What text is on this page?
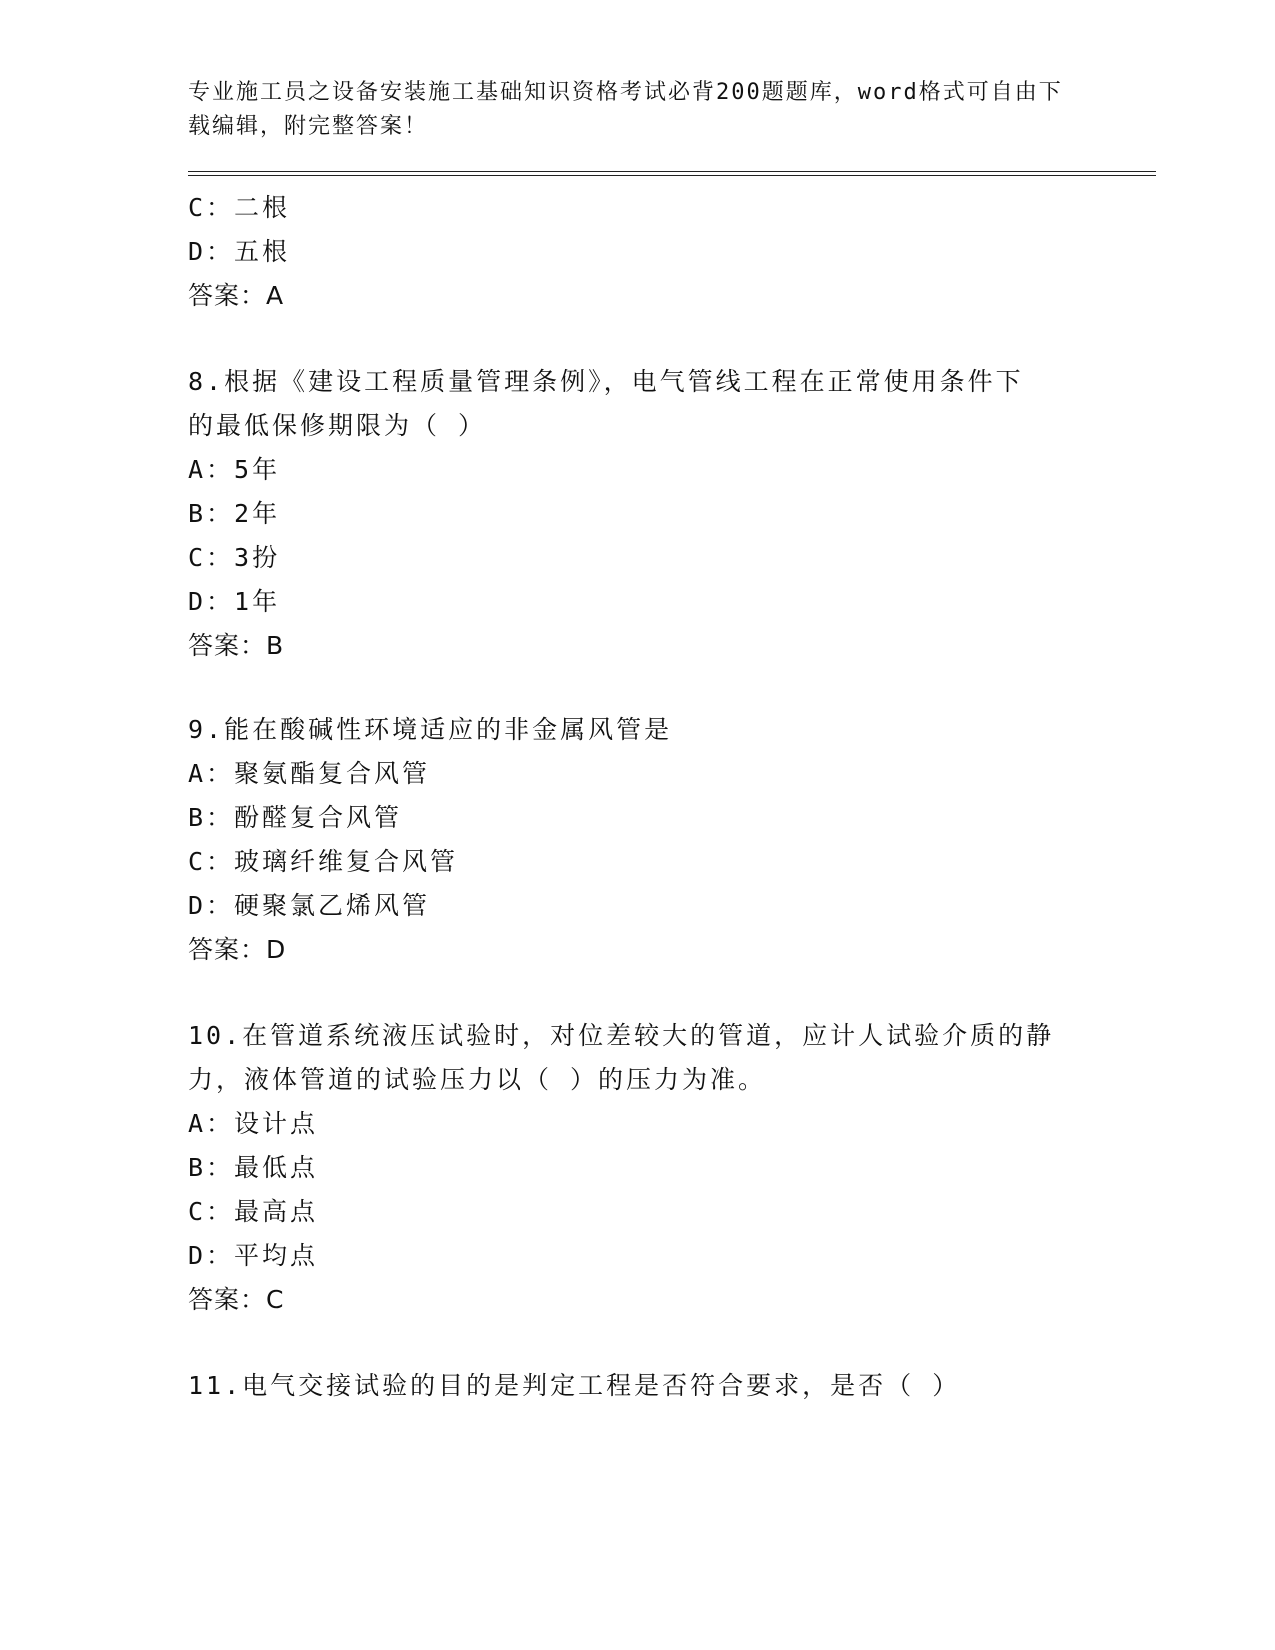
专业施工员之设备安装施工基础知识资格考试必背200题题库，word格式可自由下载编辑，附完整答案！
C：二根
D：五根
答案：A
8.根据《建设工程质量管理条例》，电气管线工程在正常使用条件下
的最低保修期限为（ ）
A：5年
B：2年
C：3扮
D：1年
答案：B
9.能在酸碱性环境适应的非金属风管是
A：聚氨酯复合风管
B：酚醛复合风管
C：玻璃纤维复合风管
D：硬聚氯乙烯风管
答案：D
10.在管道系统液压试验时，对位差较大的管道，应计人试验介质的静
力，液体管道的试验压力以（ ）的压力为准。
A：设计点
B：最低点
C：最高点
D：平均点
答案：C
11.电气交接试验的目的是判定工程是否符合要求，是否（ ）
